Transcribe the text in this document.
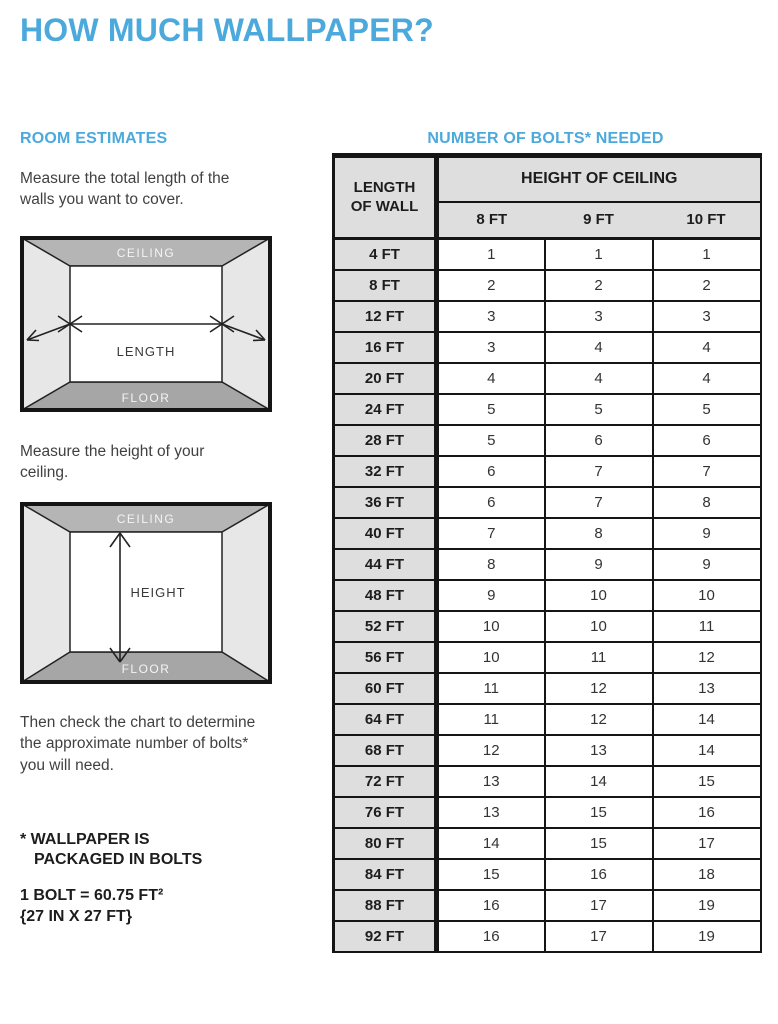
HOW MUCH WALLPAPER?
ROOM ESTIMATES

Measure the total length of the walls you want to cover.

CEILING
FLOOR
LENGTH

Measure the height of your ceiling.

CEILING
FLOOR
HEIGHT

Then check the chart to determine the approximate number of bolts* you will need.

* WALLPAPER IS
PACKAGED IN BOLTS
1 BOLT = 60.75 FT²
{27 IN X 27 FT}
NUMBER OF BOLTS* NEEDED
LENGTH
OF WALL	HEIGHT OF CEILING		
	8 FT	9 FT	10 FT
4 FT	1	1	1
8 FT	2	2	2
12 FT	3	3	3
16 FT	3	4	4
20 FT	4	4	4
24 FT	5	5	5
28 FT	5	6	6
32 FT	6	7	7
36 FT	6	7	8
40 FT	7	8	9
44 FT	8	9	9
48 FT	9	10	10
52 FT	10	10	11
56 FT	10	11	12
60 FT	11	12	13
64 FT	11	12	14
68 FT	12	13	14
72 FT	13	14	15
76 FT	13	15	16
80 FT	14	15	17
84 FT	15	16	18
88 FT	16	17	19
92 FT	16	17	19
